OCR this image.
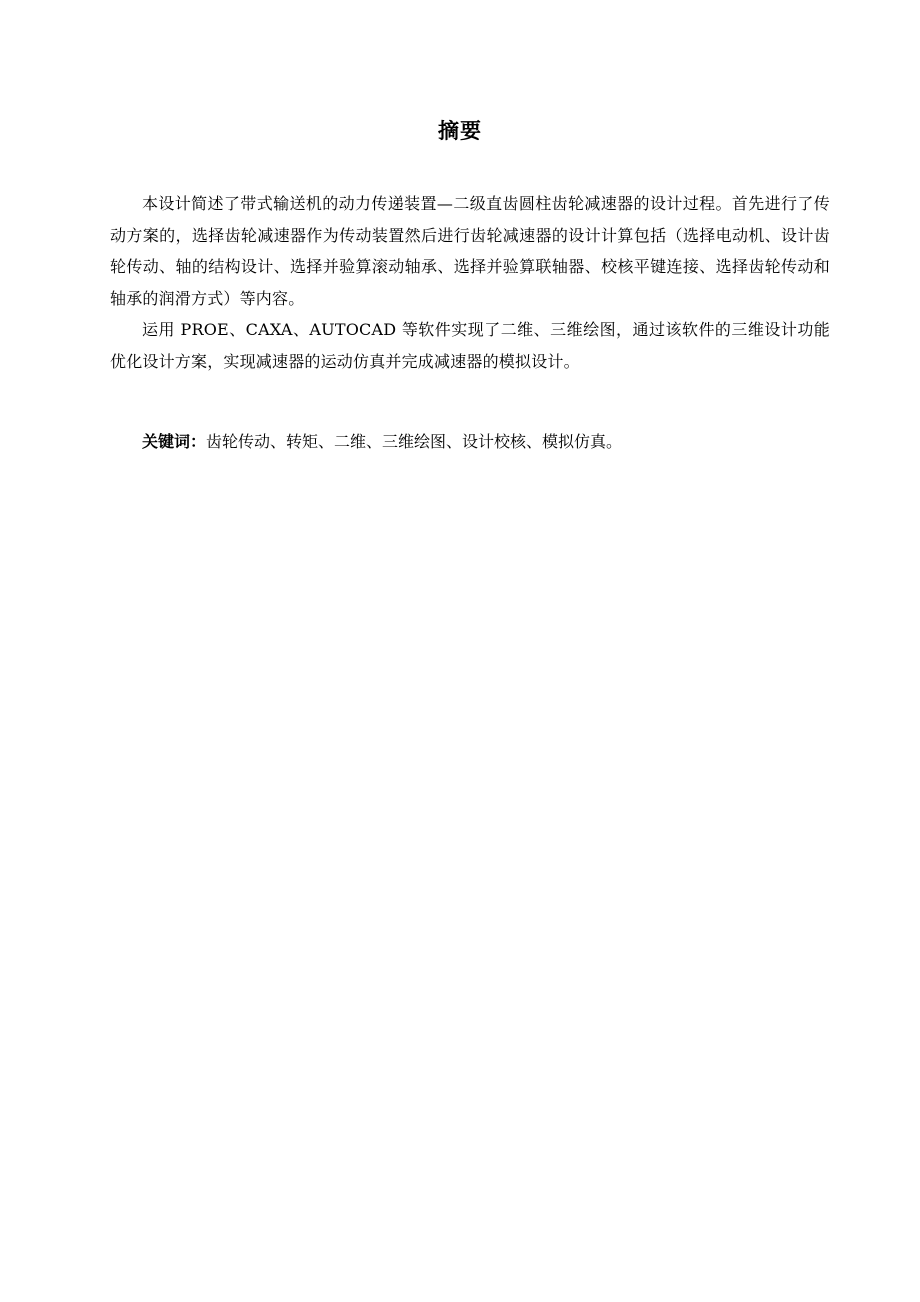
摘要

本设计简述了带式输送机的动力传递装置—二级直齿圆柱齿轮减速器的设计过程。首先进行了传动方案的，选择齿轮减速器作为传动装置然后进行齿轮减速器的设计计算包括（选择电动机、设计齿轮传动、轴的结构设计、选择并验算滚动轴承、选择并验算联轴器、校核平键连接、选择齿轮传动和轴承的润滑方式）等内容。

运用 PROE、CAXA、AUTOCAD 等软件实现了二维、三维绘图，通过该软件的三维设计功能优化设计方案，实现减速器的运动仿真并完成减速器的模拟设计。

关键词：齿轮传动、转矩、二维、三维绘图、设计校核、模拟仿真。
